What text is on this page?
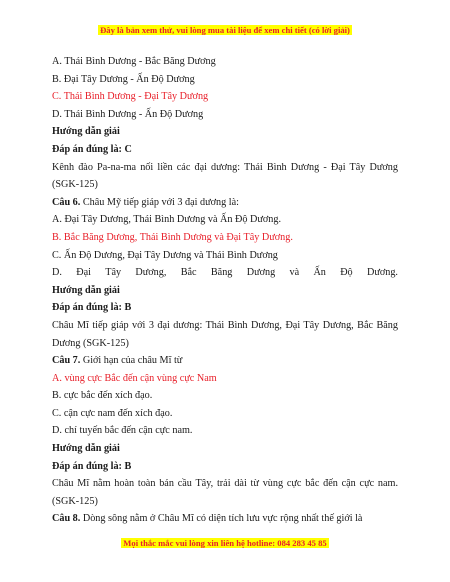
Đây là bản xem thử, vui lòng mua tài liệu để xem chi tiết (có lời giải)

A. Thái Bình Dương - Bắc Băng Dương

B. Đại Tây Dương - Ấn Độ Dương

C. Thái Bình Dương - Đại Tây Dương

D. Thái Bình Dương - Ấn Độ Dương

Hướng dẫn giải

Đáp án đúng là: C

Kênh đào Pa-na-ma nối liền các đại dương: Thái Bình Dương - Đại Tây Dương (SGK-125)

Câu 6. Châu Mỹ tiếp giáp với 3 đại dương là:

A. Đại Tây Dương, Thái Bình Dương và Ấn Độ Dương.

B. Bắc Băng Dương, Thái Bình Dương và Đại Tây Dương.

C. Ấn Độ Dương, Đại Tây Dương và Thái Bình Dương

D. Đại Tây Dương, Bắc Băng Dương và Ấn Độ Dương.

Hướng dẫn giải

Đáp án đúng là: B

Châu Mĩ tiếp giáp với 3 đại dương: Thái Bình Dương, Đại Tây Dương, Bắc Băng Dương (SGK-125)

Câu 7. Giới hạn của châu Mĩ từ

A. vùng cực Bắc đến cận vùng cực Nam

B. cực bắc đến xích đạo.

C. cận cực nam đến xích đạo.

D. chí tuyến bắc đến cận cực nam.

Hướng dẫn giải

Đáp án đúng là: B

Châu Mĩ nằm hoàn toàn bán cầu Tây, trải dài từ vùng cực bắc đến cận cực nam. (SGK-125)

Câu 8. Dòng sông nằm ở Châu Mĩ có diện tích lưu vực rộng nhất thế giới là

Mọi thắc mắc vui lòng xin liên hệ hotline: 084 283 45 85
